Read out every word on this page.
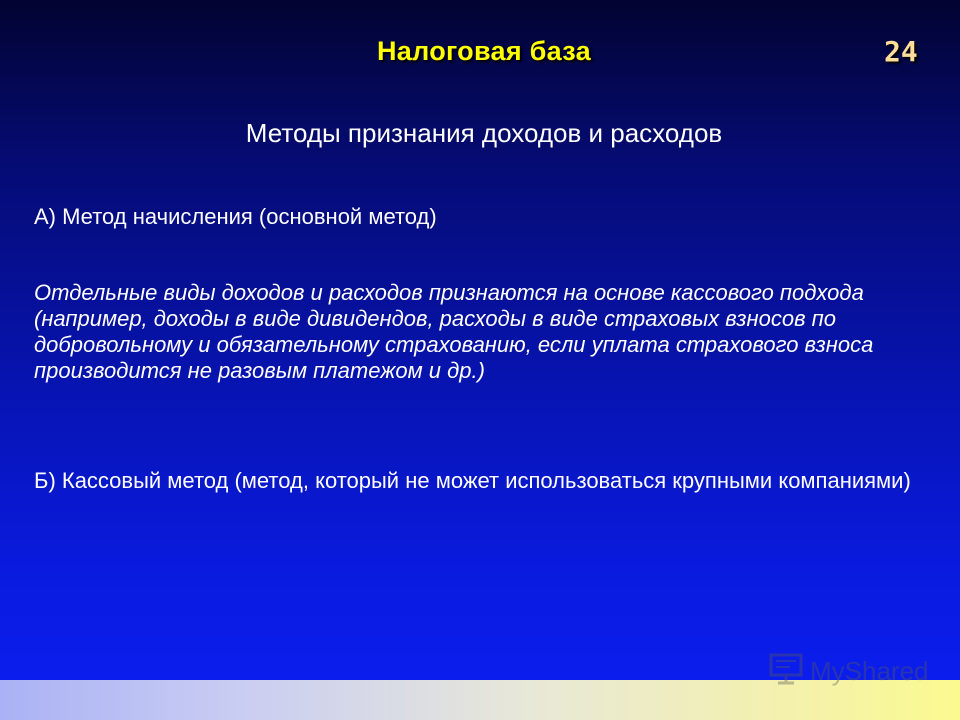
Налоговая база	24
Методы признания доходов и расходов
А) Метод начисления (основной метод)
Отдельные виды доходов и расходов признаются на основе кассового подхода (например, доходы в виде дивидендов, расходы в виде страховых взносов по добровольному и обязательному страхованию, если уплата страхового взноса производится не разовым платежом и др.)
Б) Кассовый метод (метод, который не может использоваться крупными компаниями)
MyShared
